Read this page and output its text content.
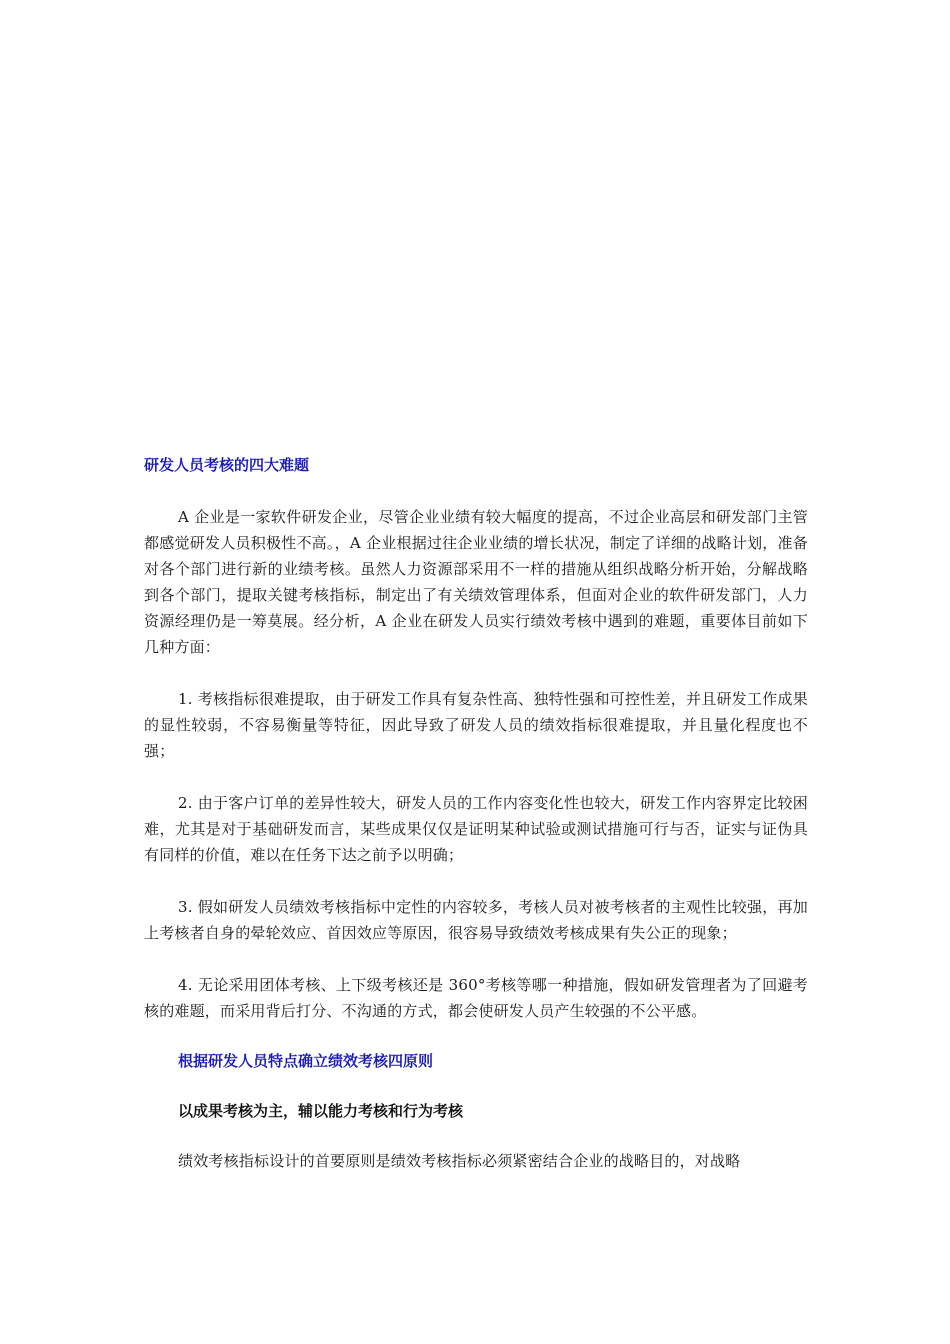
研发人员考核的四大难题

A 企业是一家软件研发企业，尽管企业业绩有较大幅度的提高，不过企业高层和研发部门主管都感觉研发人员积极性不高。，A 企业根据过往企业业绩的增长状况，制定了详细的战略计划，准备对各个部门进行新的业绩考核。虽然人力资源部采用不一样的措施从组织战略分析开始，分解战略到各个部门，提取关键考核指标，制定出了有关绩效管理体系，但面对企业的软件研发部门，人力资源经理仍是一筹莫展。经分析，A 企业在研发人员实行绩效考核中遇到的难题，重要体目前如下几种方面：

1. 考核指标很难提取，由于研发工作具有复杂性高、独特性强和可控性差，并且研发工作成果的显性较弱，不容易衡量等特征，因此导致了研发人员的绩效指标很难提取，并且量化程度也不强；

2. 由于客户订单的差异性较大，研发人员的工作内容变化性也较大，研发工作内容界定比较困难，尤其是对于基础研发而言，某些成果仅仅是证明某种试验或测试措施可行与否，证实与证伪具有同样的价值，难以在任务下达之前予以明确；

3. 假如研发人员绩效考核指标中定性的内容较多，考核人员对被考核者的主观性比较强，再加上考核者自身的晕轮效应、首因效应等原因，很容易导致绩效考核成果有失公正的现象；

4. 无论采用团体考核、上下级考核还是 360°考核等哪一种措施，假如研发管理者为了回避考核的难题，而采用背后打分、不沟通的方式，都会使研发人员产生较强的不公平感。

根据研发人员特点确立绩效考核四原则

以成果考核为主，辅以能力考核和行为考核

绩效考核指标设计的首要原则是绩效考核指标必须紧密结合企业的战略目的，对战略
